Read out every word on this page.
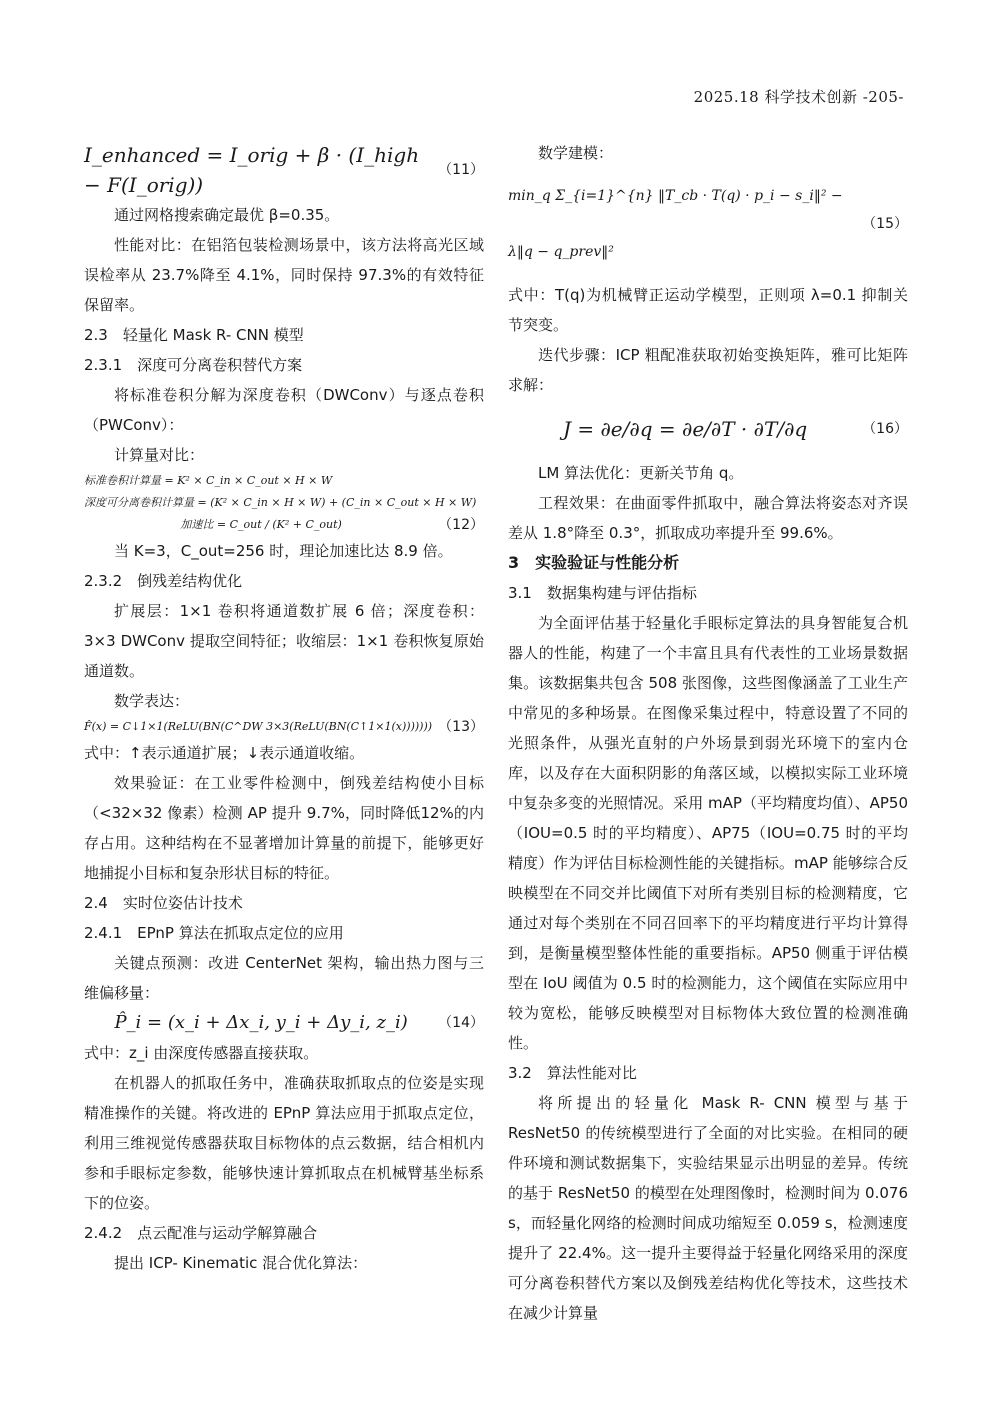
2025.18 科学技术创新 -205-
I_enhanced = I_orig + β · (I_high − F(I_orig))
（11）

通过网格搜索确定最优 β=0.35。

性能对比：在铝箔包装检测场景中，该方法将高光区域误检率从 23.7%降至 4.1%，同时保持 97.3%的有效特征保留率。

2.3　轻量化 Mask R- CNN 模型

2.3.1　深度可分离卷积替代方案

将标准卷积分解为深度卷积（DWConv）与逐点卷积（PWConv）：

计算量对比：

标准卷积计算量 = K² × C_in × C_out × H × W
深度可分离卷积计算量 = (K² × C_in × H × W) + (C_in × C_out × H × W)
加速比 = C_out / (K² + C_out)	（12）

当 K=3，C_out=256 时，理论加速比达 8.9 倍。

2.3.2　倒残差结构优化

扩展层：1×1 卷积将通道数扩展 6 倍；深度卷积：3×3 DWConv 提取空间特征；收缩层：1×1 卷积恢复原始通道数。

数学表达：

F̂(x) = C↓1×1(ReLU(BN(C^DW 3×3(ReLU(BN(C↑1×1(x))))))) （13）

式中：↑表示通道扩展；↓表示通道收缩。

效果验证：在工业零件检测中，倒残差结构使小目标（<32×32 像素）检测 AP 提升 9.7%，同时降低12%的内存占用。这种结构在不显著增加计算量的前提下，能够更好地捕捉小目标和复杂形状目标的特征。

2.4　实时位姿估计技术

2.4.1　EPnP 算法在抓取点定位的应用

关键点预测：改进 CenterNet 架构，输出热力图与三维偏移量：

P̂_i = (x_i + Δx_i, y_i + Δy_i, z_i)	（14）

式中：z_i 由深度传感器直接获取。

在机器人的抓取任务中，准确获取抓取点的位姿是实现精准操作的关键。将改进的 EPnP 算法应用于抓取点定位，利用三维视觉传感器获取目标物体的点云数据，结合相机内参和手眼标定参数，能够快速计算抓取点在机械臂基坐标系下的位姿。

2.4.2　点云配准与运动学解算融合

提出 ICP- Kinematic 混合优化算法：

数学建模：

min_q Σ_{i=1}^{n} ‖T_cb · T(q) · p_i − s_i‖² − λ‖q − q_prev‖²
（15）

式中：T(q)为机械臂正运动学模型，正则项 λ=0.1 抑制关节突变。

迭代步骤：ICP 粗配准获取初始变换矩阵，雅可比矩阵求解：

J = ∂e/∂q = ∂e/∂T · ∂T/∂q	（16）

LM 算法优化：更新关节角 q。

工程效果：在曲面零件抓取中，融合算法将姿态对齐误差从 1.8°降至 0.3°，抓取成功率提升至 99.6%。

3　实验验证与性能分析

3.1　数据集构建与评估指标

为全面评估基于轻量化手眼标定算法的具身智能复合机器人的性能，构建了一个丰富且具有代表性的工业场景数据集。该数据集共包含 508 张图像，这些图像涵盖了工业生产中常见的多种场景。在图像采集过程中，特意设置了不同的光照条件，从强光直射的户外场景到弱光环境下的室内仓库，以及存在大面积阴影的角落区域，以模拟实际工业环境中复杂多变的光照情况。采用 mAP（平均精度均值）、AP50（IOU=0.5 时的平均精度）、AP75（IOU=0.75 时的平均精度）作为评估目标检测性能的关键指标。mAP 能够综合反映模型在不同交并比阈值下对所有类别目标的检测精度，它通过对每个类别在不同召回率下的平均精度进行平均计算得到，是衡量模型整体性能的重要指标。AP50 侧重于评估模型在 IoU 阈值为 0.5 时的检测能力，这个阈值在实际应用中较为宽松，能够反映模型对目标物体大致位置的检测准确性。

3.2　算法性能对比

将所提出的轻量化 Mask R- CNN 模型与基于ResNet50 的传统模型进行了全面的对比实验。在相同的硬件环境和测试数据集下，实验结果显示出明显的差异。传统的基于 ResNet50 的模型在处理图像时，检测时间为 0.076 s，而轻量化网络的检测时间成功缩短至 0.059 s，检测速度提升了 22.4%。这一提升主要得益于轻量化网络采用的深度可分离卷积替代方案以及倒残差结构优化等技术，这些技术在减少计算量
